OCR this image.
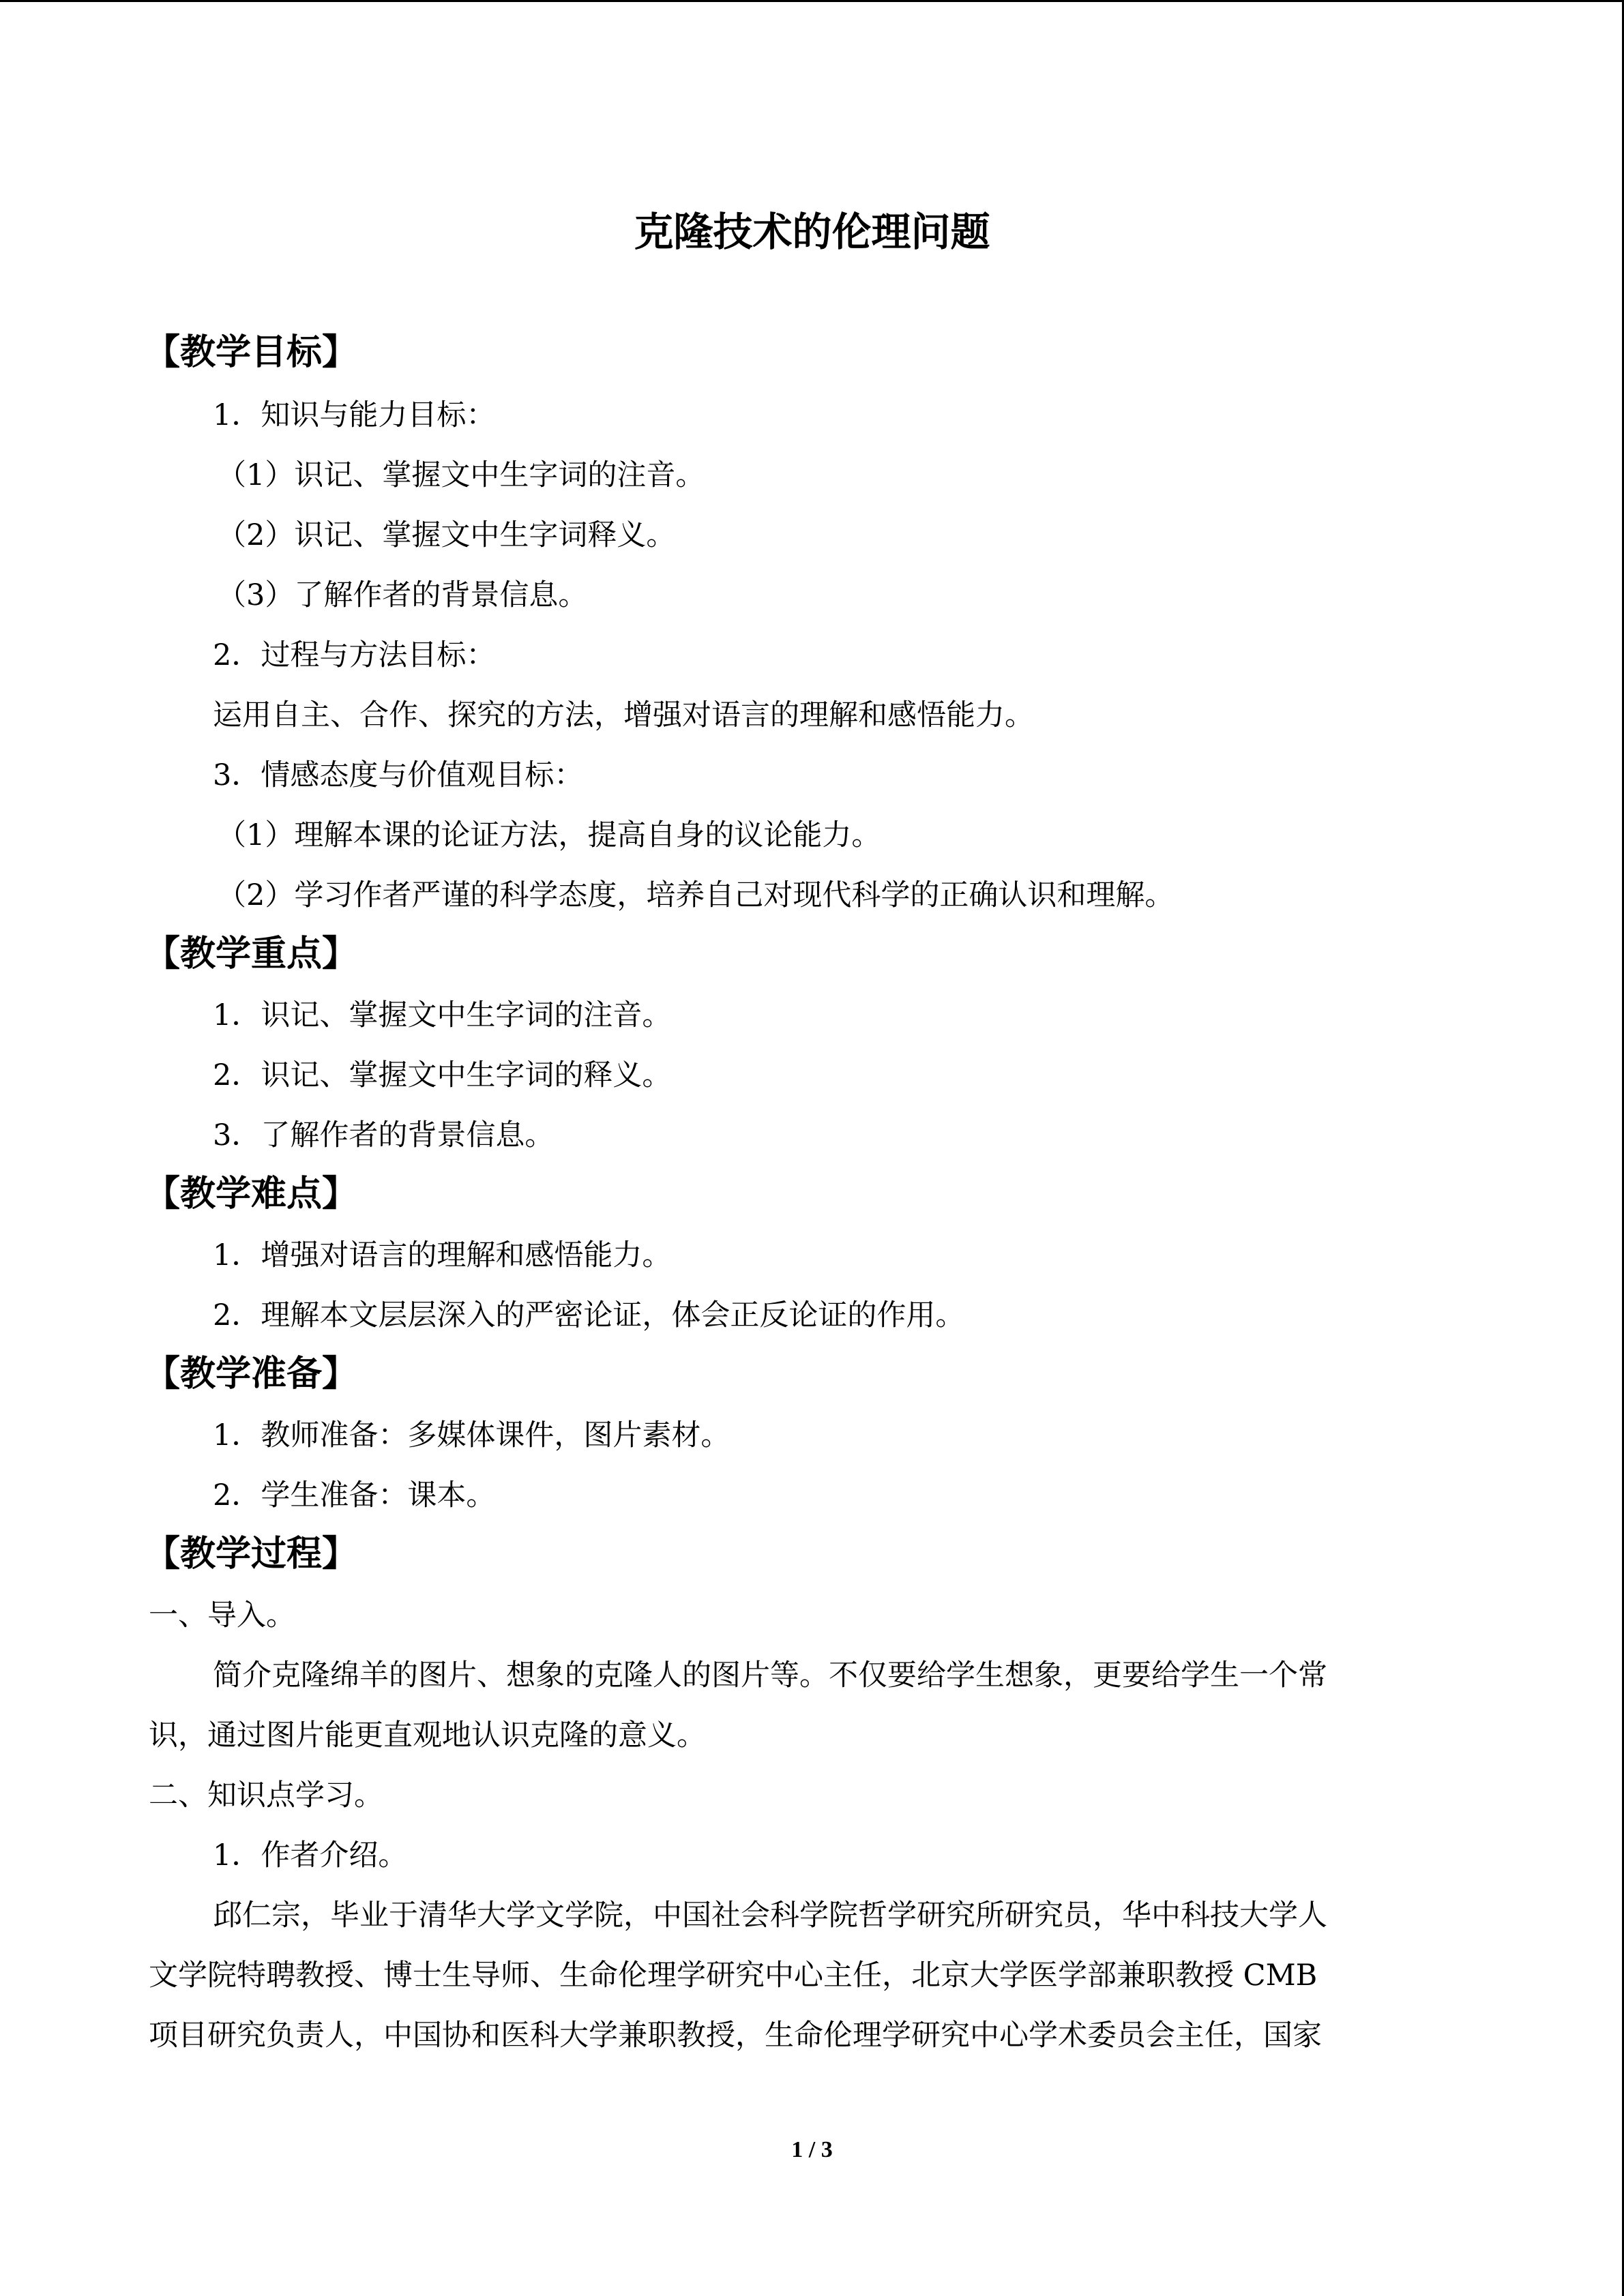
克隆技术的伦理问题
【教学目标】
1．知识与能力目标：
（1）识记、掌握文中生字词的注音。
（2）识记、掌握文中生字词释义。
（3）了解作者的背景信息。
2．过程与方法目标：
运用自主、合作、探究的方法，增强对语言的理解和感悟能力。
3．情感态度与价值观目标：
（1）理解本课的论证方法，提高自身的议论能力。
（2）学习作者严谨的科学态度，培养自己对现代科学的正确认识和理解。
【教学重点】
1．识记、掌握文中生字词的注音。
2．识记、掌握文中生字词的释义。
3．了解作者的背景信息。
【教学难点】
1．增强对语言的理解和感悟能力。
2．理解本文层层深入的严密论证，体会正反论证的作用。
【教学准备】
1．教师准备：多媒体课件，图片素材。
2．学生准备：课本。
【教学过程】
一、导入。
简介克隆绵羊的图片、想象的克隆人的图片等。不仅要给学生想象，更要给学生一个常
识，通过图片能更直观地认识克隆的意义。
二、知识点学习。
1．作者介绍。
邱仁宗，毕业于清华大学文学院，中国社会科学院哲学研究所研究员，华中科技大学人
文学院特聘教授、博士生导师、生命伦理学研究中心主任，北京大学医学部兼职教授 CMB
项目研究负责人，中国协和医科大学兼职教授，生命伦理学研究中心学术委员会主任，国家
1 / 3
